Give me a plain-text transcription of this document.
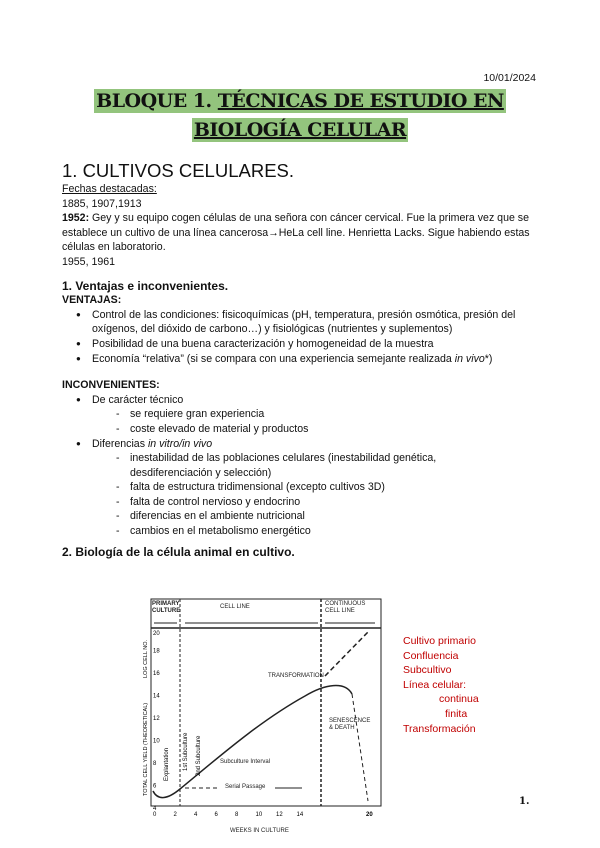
10/01/2024
BLOQUE 1. TÉCNICAS DE ESTUDIO EN
BIOLOGÍA CELULAR
1. CULTIVOS CELULARES.
Fechas destacadas:
1885, 1907,1913
1952: Gey y su equipo cogen células de una señora con cáncer cervical. Fue la primera vez que se establece un cultivo de una línea cancerosa→HeLa cell line. Henrietta Lacks. Sigue habiendo estas células en laboratorio.
1955, 1961
1. Ventajas e inconvenientes.
VENTAJAS:
● Control de las condiciones: fisicoquímicas (pH, temperatura, presión osmótica, presión del oxígenos, del dióxido de carbono…) y fisiológicas (nutrientes y suplementos)
● Posibilidad de una buena caracterización y homogeneidad de la muestra
● Economía “relativa” (si se compara con una experiencia semejante realizada in vivo*)
INCONVENIENTES:
● De carácter técnico
- se requiere gran experiencia
- coste elevado de material y productos
● Diferencias in vitro/in vivo
- inestabilidad de las poblaciones celulares (inestabilidad genética, desdiferenciación y selección)
- falta de estructura tridimensional (excepto cultivos 3D)
- falta de control nervioso y endocrino
- diferencias en el ambiente nutricional
- cambios en el metabolismo energético
2. Biología de la célula animal en cultivo.
TOTAL CELL YIELD (THEORETICAL)
LOG CELL NO.
Explantation 1st Subculture 2nd Subculture
20
18
16
14
12
10
8
6
4
0	2	4	6	8	10 12 14	20
PRIMARY CULTURE
CELL LINE	CONTINUOUS CELL LINE
TRANSFORMATION
SENESCENCE & DEATH
Subculture Interval
Serial Passage
WEEKS IN CULTURE
Cultivo primario
Confluencia
Subcultivo
Línea celular:
continua
finita
Transformación
1.
